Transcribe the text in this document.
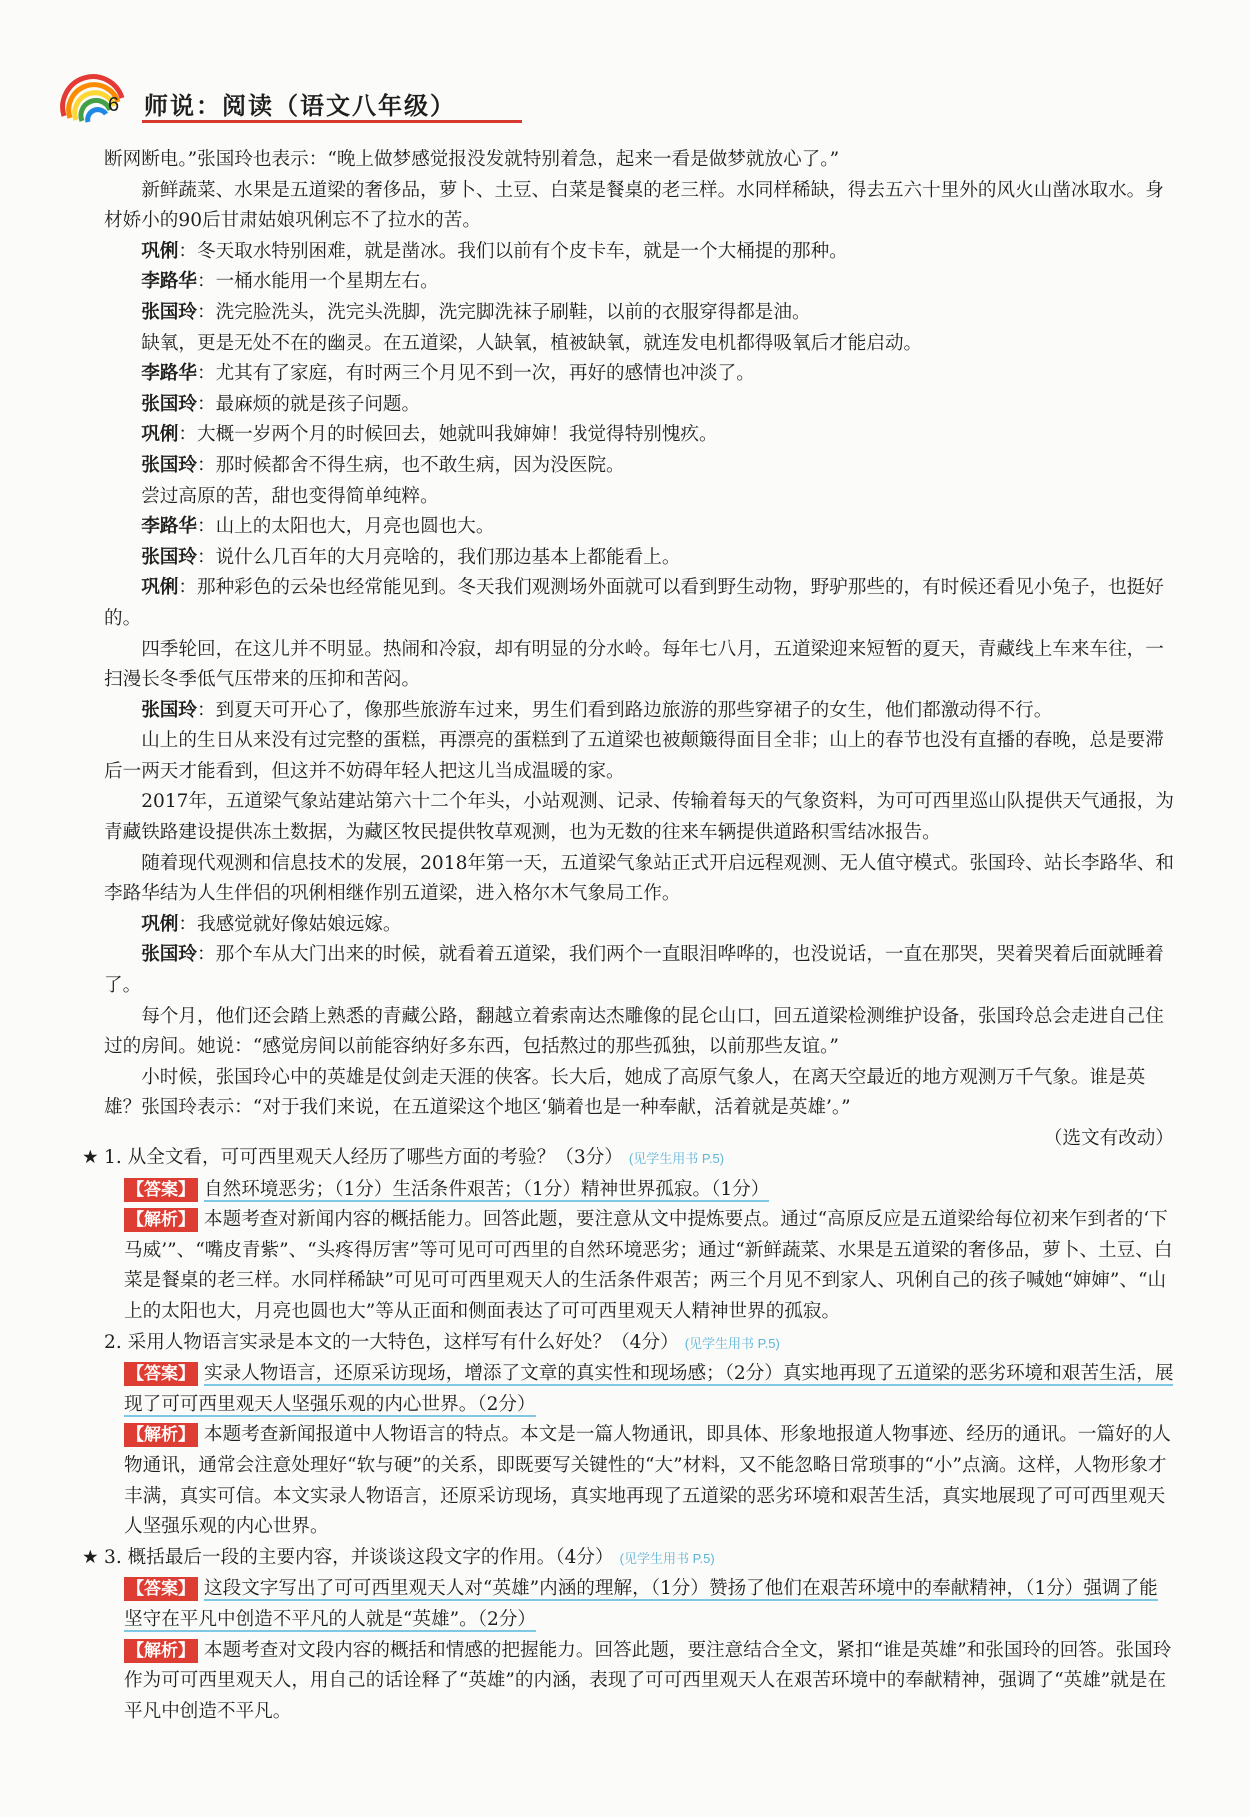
6 师说：阅读（语文八年级）

断网断电。”张国玲也表示：“晚上做梦感觉报没发就特别着急，起来一看是做梦就放心了。”

新鲜蔬菜、水果是五道梁的奢侈品，萝卜、土豆、白菜是餐桌的老三样。水同样稀缺，得去五六十里外的风火山凿冰取水。身材娇小的90后甘肃姑娘巩俐忘不了拉水的苦。

巩俐：冬天取水特别困难，就是凿冰。我们以前有个皮卡车，就是一个大桶提的那种。

李路华：一桶水能用一个星期左右。

张国玲：洗完脸洗头，洗完头洗脚，洗完脚洗袜子刷鞋，以前的衣服穿得都是油。

缺氧，更是无处不在的幽灵。在五道梁，人缺氧，植被缺氧，就连发电机都得吸氧后才能启动。

李路华：尤其有了家庭，有时两三个月见不到一次，再好的感情也冲淡了。

张国玲：最麻烦的就是孩子问题。

巩俐：大概一岁两个月的时候回去，她就叫我婶婶！我觉得特别愧疚。

张国玲：那时候都舍不得生病，也不敢生病，因为没医院。

尝过高原的苦，甜也变得简单纯粹。

李路华：山上的太阳也大，月亮也圆也大。

张国玲：说什么几百年的大月亮啥的，我们那边基本上都能看上。

巩俐：那种彩色的云朵也经常能见到。冬天我们观测场外面就可以看到野生动物，野驴那些的，有时候还看见小兔子，也挺好的。

四季轮回，在这儿并不明显。热闹和冷寂，却有明显的分水岭。每年七八月，五道梁迎来短暂的夏天，青藏线上车来车往，一扫漫长冬季低气压带来的压抑和苦闷。

张国玲：到夏天可开心了，像那些旅游车过来，男生们看到路边旅游的那些穿裙子的女生，他们都激动得不行。

山上的生日从来没有过完整的蛋糕，再漂亮的蛋糕到了五道梁也被颠簸得面目全非；山上的春节也没有直播的春晚，总是要滞后一两天才能看到，但这并不妨碍年轻人把这儿当成温暖的家。

2017年，五道梁气象站建站第六十二个年头，小站观测、记录、传输着每天的气象资料，为可可西里巡山队提供天气通报，为青藏铁路建设提供冻土数据，为藏区牧民提供牧草观测，也为无数的往来车辆提供道路积雪结冰报告。

随着现代观测和信息技术的发展，2018年第一天，五道梁气象站正式开启远程观测、无人值守模式。张国玲、站长李路华、和李路华结为人生伴侣的巩俐相继作别五道梁，进入格尔木气象局工作。

巩俐：我感觉就好像姑娘远嫁。

张国玲：那个车从大门出来的时候，就看着五道梁，我们两个一直眼泪哗哗的，也没说话，一直在那哭，哭着哭着后面就睡着了。

每个月，他们还会踏上熟悉的青藏公路，翻越立着索南达杰雕像的昆仑山口，回五道梁检测维护设备，张国玲总会走进自己住过的房间。她说：“感觉房间以前能容纳好多东西，包括熬过的那些孤独，以前那些友谊。”

小时候，张国玲心中的英雄是仗剑走天涯的侠客。长大后，她成了高原气象人，在离天空最近的地方观测万千气象。谁是英雄？张国玲表示：“对于我们来说，在五道梁这个地区‘躺着也是一种奉献，活着就是英雄’。”

（选文有改动）

★ 1. 从全文看，可可西里观天人经历了哪些方面的考验？（3分） (见学生用书 P.5)

【答案】 自然环境恶劣；（1分）生活条件艰苦；（1分）精神世界孤寂。（1分）

【解析】 本题考查对新闻内容的概括能力。回答此题，要注意从文中提炼要点。通过“高原反应是五道梁给每位初来乍到者的‘下马威’”、“嘴皮青紫”、“头疼得厉害”等可见可可西里的自然环境恶劣；通过“新鲜蔬菜、水果是五道梁的奢侈品，萝卜、土豆、白菜是餐桌的老三样。水同样稀缺”可见可可西里观天人的生活条件艰苦；两三个月见不到家人、巩俐自己的孩子喊她“婶婶”、“山上的太阳也大，月亮也圆也大”等从正面和侧面表达了可可西里观天人精神世界的孤寂。

2. 采用人物语言实录是本文的一大特色，这样写有什么好处？（4分） (见学生用书 P.5)

【答案】 实录人物语言，还原采访现场，增添了文章的真实性和现场感；（2分）真实地再现了五道梁的恶劣环境和艰苦生活，展现了可可西里观天人坚强乐观的内心世界。（2分）

【解析】 本题考查新闻报道中人物语言的特点。本文是一篇人物通讯，即具体、形象地报道人物事迹、经历的通讯。一篇好的人物通讯，通常会注意处理好“软与硬”的关系，即既要写关键性的“大”材料，又不能忽略日常琐事的“小”点滴。这样，人物形象才丰满，真实可信。本文实录人物语言，还原采访现场，真实地再现了五道梁的恶劣环境和艰苦生活，真实地展现了可可西里观天人坚强乐观的内心世界。

★ 3. 概括最后一段的主要内容，并谈谈这段文字的作用。（4分） (见学生用书 P.5)

【答案】 这段文字写出了可可西里观天人对“英雄”内涵的理解，（1分）赞扬了他们在艰苦环境中的奉献精神，（1分）强调了能坚守在平凡中创造不平凡的人就是“英雄”。（2分）

【解析】 本题考查对文段内容的概括和情感的把握能力。回答此题，要注意结合全文，紧扣“谁是英雄”和张国玲的回答。张国玲作为可可西里观天人，用自己的话诠释了“英雄”的内涵，表现了可可西里观天人在艰苦环境中的奉献精神，强调了“英雄”就是在平凡中创造不平凡。
